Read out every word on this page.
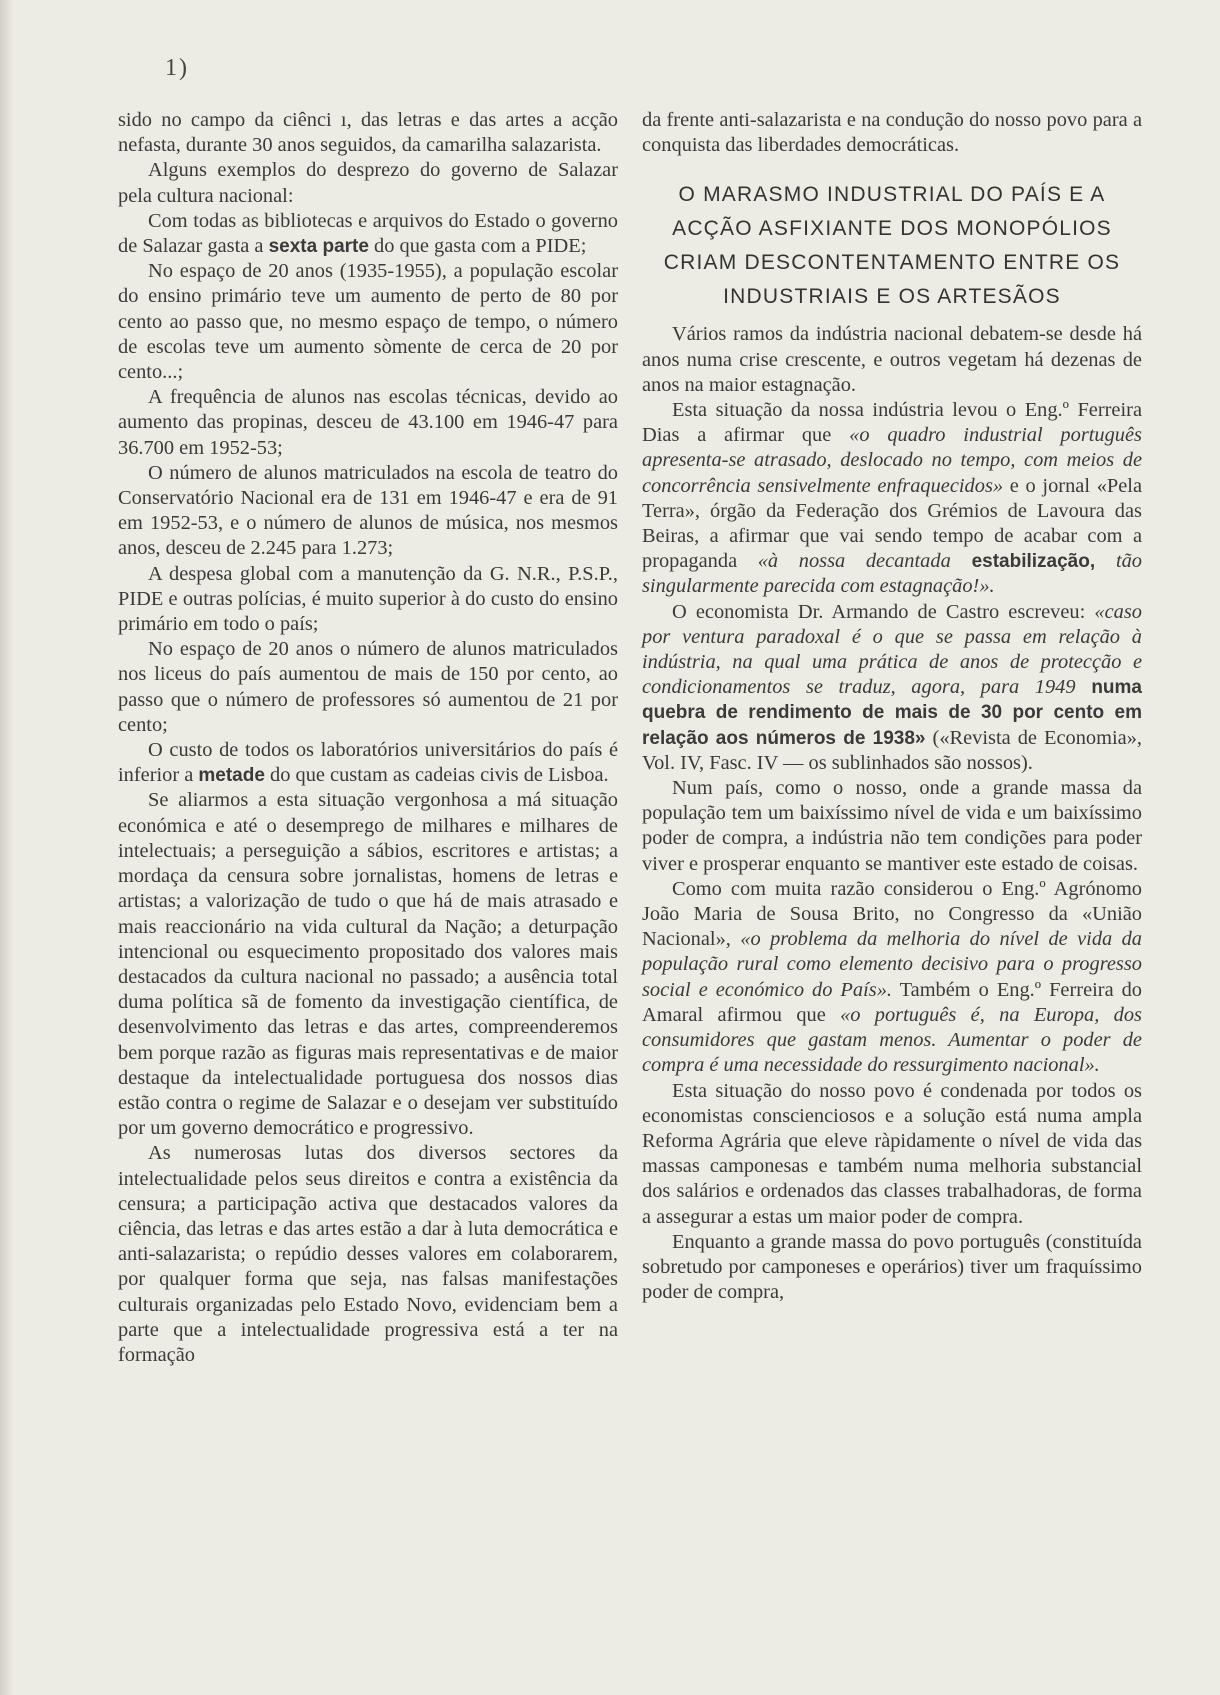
1)

sido no campo da ciênci ı, das letras e das artes a acção nefasta, durante 30 anos seguidos, da camarilha salazarista.

Alguns exemplos do desprezo do governo de Salazar pela cultura nacional:

Com todas as bibliotecas e arquivos do Estado o governo de Salazar gasta a sexta parte do que gasta com a PIDE;

No espaço de 20 anos (1935-1955), a população escolar do ensino primário teve um aumento de perto de 80 por cento ao passo que, no mesmo espaço de tempo, o número de escolas teve um aumento sòmente de cerca de 20 por cento...;

A frequência de alunos nas escolas técnicas, devido ao aumento das propinas, desceu de 43.100 em 1946-47 para 36.700 em 1952-53;

O número de alunos matriculados na escola de teatro do Conservatório Nacional era de 131 em 1946-47 e era de 91 em 1952-53, e o número de alunos de música, nos mesmos anos, desceu de 2.245 para 1.273;

A despesa global com a manutenção da G. N.R., P.S.P., PIDE e outras polícias, é muito superior à do custo do ensino primário em todo o país;

No espaço de 20 anos o número de alunos matriculados nos liceus do país aumentou de mais de 150 por cento, ao passo que o número de professores só aumentou de 21 por cento;

O custo de todos os laboratórios universitários do país é inferior a metade do que custam as cadeias civis de Lisboa.

Se aliarmos a esta situação vergonhosa a má situação económica e até o desemprego de milhares e milhares de intelectuais; a perseguição a sábios, escritores e artistas; a mordaça da censura sobre jornalistas, homens de letras e artistas; a valorização de tudo o que há de mais atrasado e mais reaccionário na vida cultural da Nação; a deturpação intencional ou esquecimento propositado dos valores mais destacados da cultura nacional no passado; a ausência total duma política sã de fomento da investigação científica, de desenvolvimento das letras e das artes, compreenderemos bem porque razão as figuras mais representativas e de maior destaque da intelectualidade portuguesa dos nossos dias estão contra o regime de Salazar e o desejam ver substituído por um governo democrático e progressivo.

As numerosas lutas dos diversos sectores da intelectualidade pelos seus direitos e contra a existência da censura; a participação activa que destacados valores da ciência, das letras e das artes estão a dar à luta democrática e anti-salazarista; o repúdio desses valores em colaborarem, por qualquer forma que seja, nas falsas manifestações culturais organizadas pelo Estado Novo, evidenciam bem a parte que a intelectualidade progressiva está a ter na formação

da frente anti-salazarista e na condução do nosso povo para a conquista das liberdades democráticas.

O MARASMO INDUSTRIAL DO PAÍS E A
ACÇÃO ASFIXIANTE DOS MONOPÓLIOS
CRIAM DESCONTENTAMENTO ENTRE OS
INDUSTRIAIS E OS ARTESÃOS

Vários ramos da indústria nacional debatem-se desde há anos numa crise crescente, e outros vegetam há dezenas de anos na maior estagnação.

Esta situação da nossa indústria levou o Eng.º Ferreira Dias a afirmar que «o quadro industrial português apresenta-se atrasado, deslocado no tempo, com meios de concorrência sensivelmente enfraquecidos» e o jornal «Pela Terra», órgão da Federação dos Grémios de Lavoura das Beiras, a afirmar que vai sendo tempo de acabar com a propaganda «à nossa decantada estabilização, tão singularmente parecida com estagnação!».

O economista Dr. Armando de Castro escreveu: «caso por ventura paradoxal é o que se passa em relação à indústria, na qual uma prática de anos de protecção e condicionamentos se traduz, agora, para 1949 numa quebra de rendimento de mais de 30 por cento em relação aos números de 1938» («Revista de Economia», Vol. IV, Fasc. IV — os sublinhados são nossos).

Num país, como o nosso, onde a grande massa da população tem um baixíssimo nível de vida e um baixíssimo poder de compra, a indústria não tem condições para poder viver e prosperar enquanto se mantiver este estado de coisas.

Como com muita razão considerou o Eng.º Agrónomo João Maria de Sousa Brito, no Congresso da «União Nacional», «o problema da melhoria do nível de vida da população rural como elemento decisivo para o progresso social e económico do País». Também o Eng.º Ferreira do Amaral afirmou que «o português é, na Europa, dos consumidores que gastam menos. Aumentar o poder de compra é uma necessidade do ressurgimento nacional».

Esta situação do nosso povo é condenada por todos os economistas conscienciosos e a solução está numa ampla Reforma Agrária que eleve ràpidamente o nível de vida das massas camponesas e também numa melhoria substancial dos salários e ordenados das classes trabalhadoras, de forma a assegurar a estas um maior poder de compra.

Enquanto a grande massa do povo português (constituída sobretudo por camponeses e operários) tiver um fraquíssimo poder de compra,
